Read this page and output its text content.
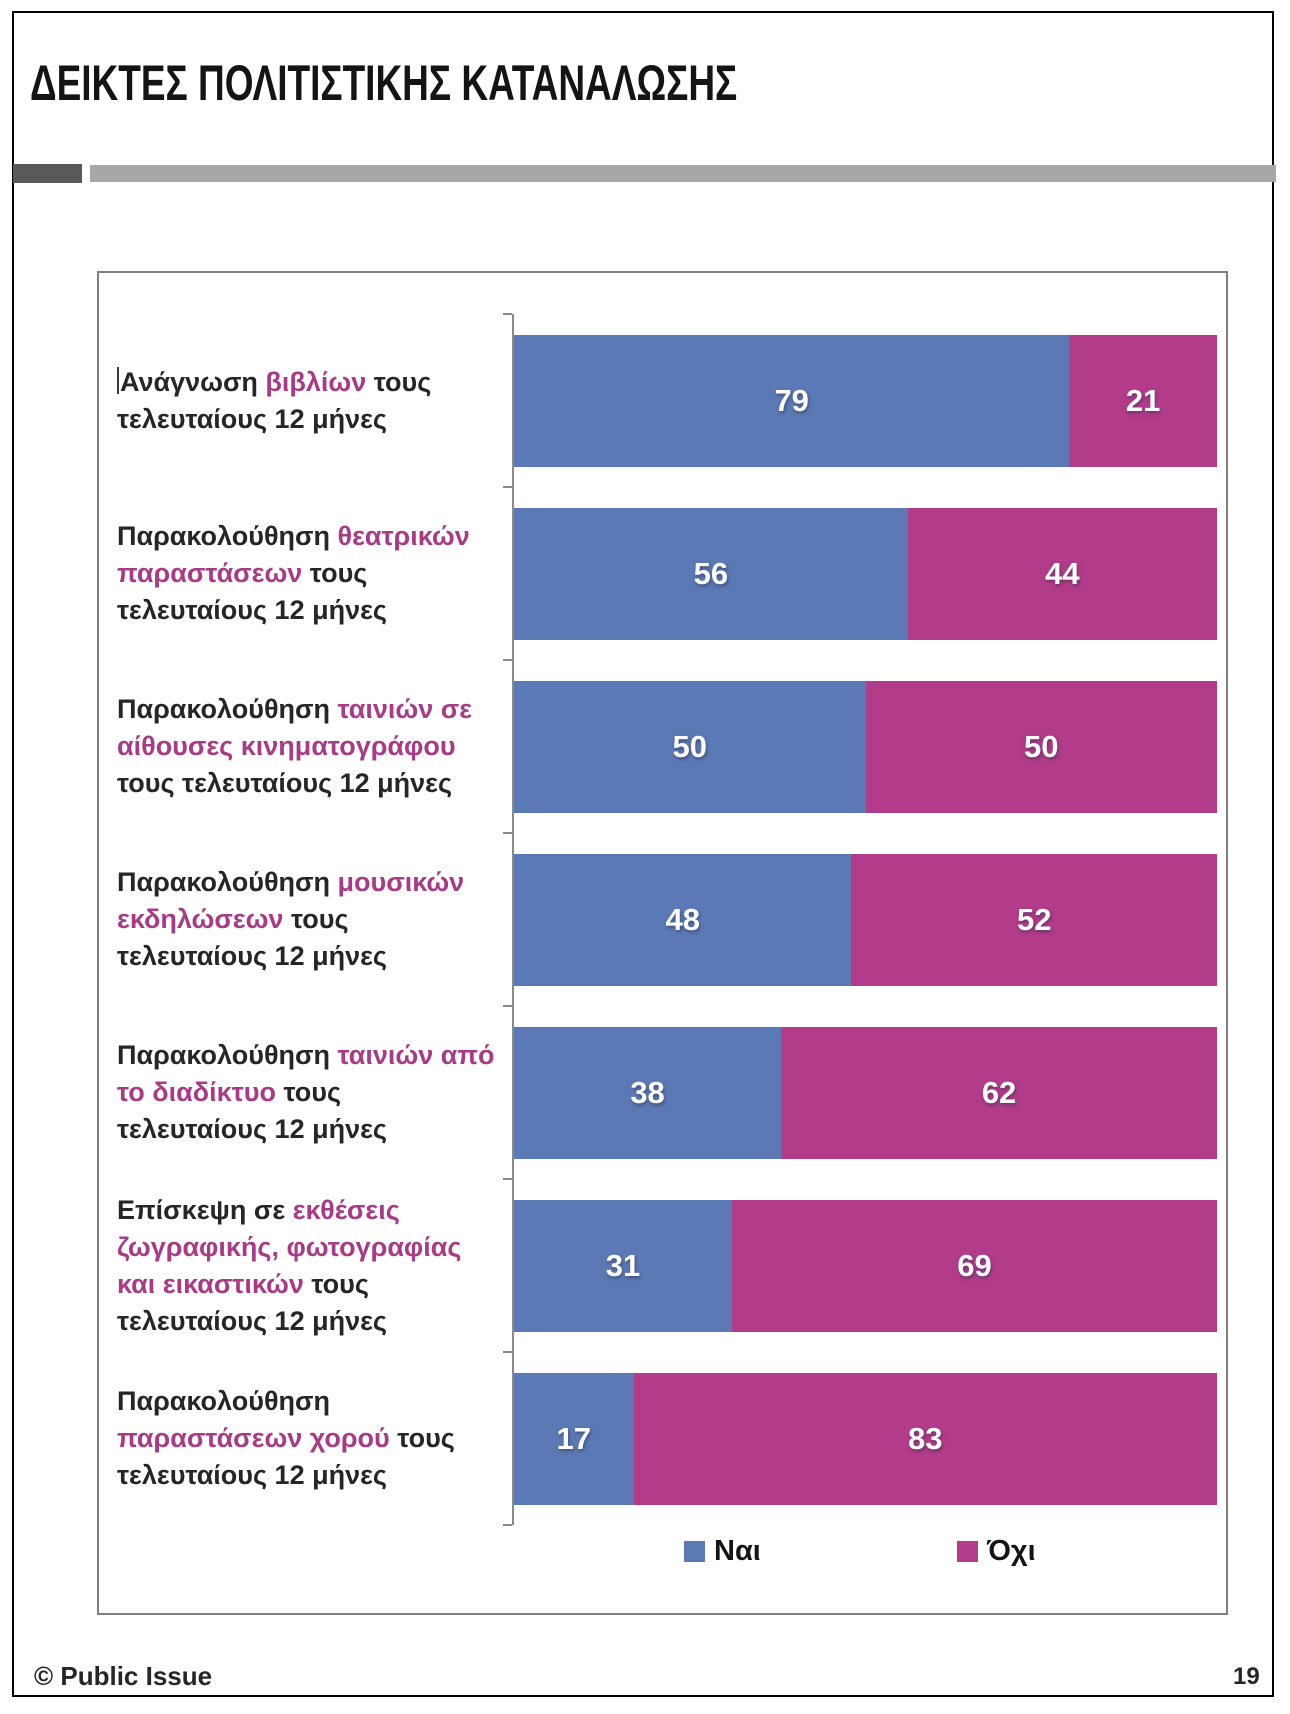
ΔΕΙΚΤΕΣ ΠΟΛΙΤΙΣΤΙΚΗΣ ΚΑΤΑΝΑΛΩΣΗΣ
Ανάγνωση βιβλίων τους
τελευταίους 12 μήνες
Παρακολούθηση θεατρικών
παραστάσεων τους
τελευταίους 12 μήνες
Παρακολούθηση ταινιών σε
αίθουσες κινηματογράφου
τους τελευταίους 12 μήνες
Παρακολούθηση μουσικών
εκδηλώσεων τους
τελευταίους 12 μήνες
Παρακολούθηση ταινιών από
το διαδίκτυο τους
τελευταίους 12 μήνες
Επίσκεψη σε εκθέσεις
ζωγραφικής, φωτογραφίας
και εικαστικών τους
τελευταίους 12 μήνες
Παρακολούθηση
παραστάσεων χορού τους
τελευταίους 12 μήνες
79	21
56	44
50	50
48	52
38	62
31	69
17	83
Ναι	Όχι
© Public Issue	19
